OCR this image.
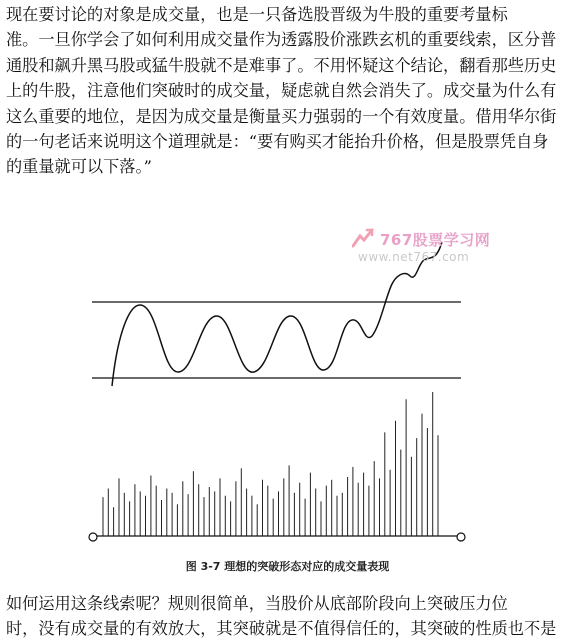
现在要讨论的对象是成交量，也是一只备选股晋级为牛股的重要考量标
准。一旦你学会了如何利用成交量作为透露股价涨跌玄机的重要线索，区分普
通股和飙升黑马股或猛牛股就不是难事了。不用怀疑这个结论，翻看那些历史
上的牛股，注意他们突破时的成交量，疑虑就自然会消失了。成交量为什么有
这么重要的地位，是因为成交量是衡量买力强弱的一个有效度量。借用华尔街
的一句老话来说明这个道理就是：“要有购买才能抬升价格，但是股票凭自身
的重量就可以下落。”
767股票学习网
www.net767.com
图 3-7 理想的突破形态对应的成交量表现
如何运用这条线索呢？规则很简单，当股价从底部阶段向上突破压力位
时，没有成交量的有效放大，其突破就是不值得信任的，其突破的性质也不是
